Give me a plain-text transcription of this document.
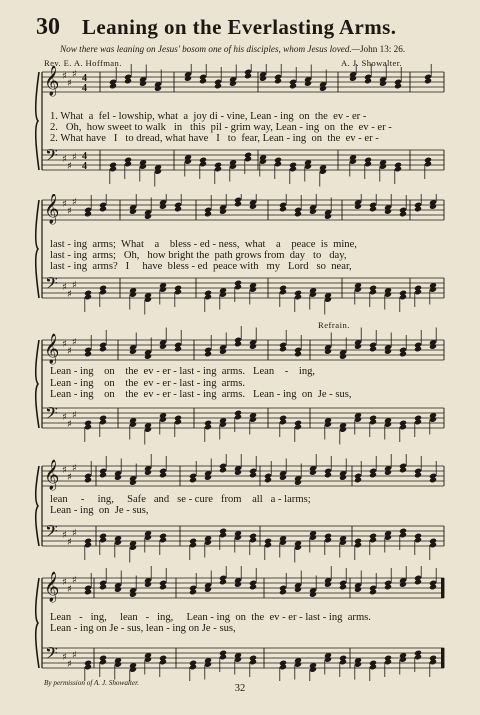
30 Leaning on the Everlasting Arms.
Now there was leaning on Jesus' bosom one of his disciples, whom Jesus loved.—John 13: 26.
Rev. E. A. Hoffman.	A. J. Showalter.
𝄞
𝄢
♯
♯
♯
♯
♯
♯
4
4
4
4
1. What  a  fel - lowship, what  a  joy di - vine, Lean - ing  on  the  ev - er -
2.   Oh,  how sweet to walk   in   this  pil - grim way, Lean - ing  on  the  ev - er -
2. What have   I   to dread, what have   I   to  fear, Lean - ing  on  the  ev - er -
𝄞
𝄢
♯
♯
♯
♯
♯
♯
last - ing  arms;  What    a    bless - ed - ness,  what    a    peace  is  mine,
last - ing  arms;   Oh,   how bright the  path grows from  day   to   day,
last - ing  arms?   I     have  bless - ed  peace with   my   Lord   so  near,
Refrain.
𝄞
𝄢
♯
♯
♯
♯
♯
♯
Lean - ing    on    the  ev - er - last - ing  arms.   Lean    -    ing,
Lean - ing    on    the  ev - er - last - ing  arms.
Lean - ing    on    the  ev - er - last - ing  arms.   Lean - ing  on  Je - sus,
𝄞
𝄢
♯
♯
♯
♯
♯
♯
lean     -     ing,     Safe   and   se - cure   from    all   a - larms;
Lean - ing  on  Je - sus,
𝄞
𝄢
♯
♯
♯
♯
♯
♯
Lean   -   ing,     lean   -   ing,     Lean - ing  on  the  ev - er - last - ing  arms.
Lean - ing on Je - sus, lean - ing on Je - sus,
By permission of A. J. Showalter.	32
